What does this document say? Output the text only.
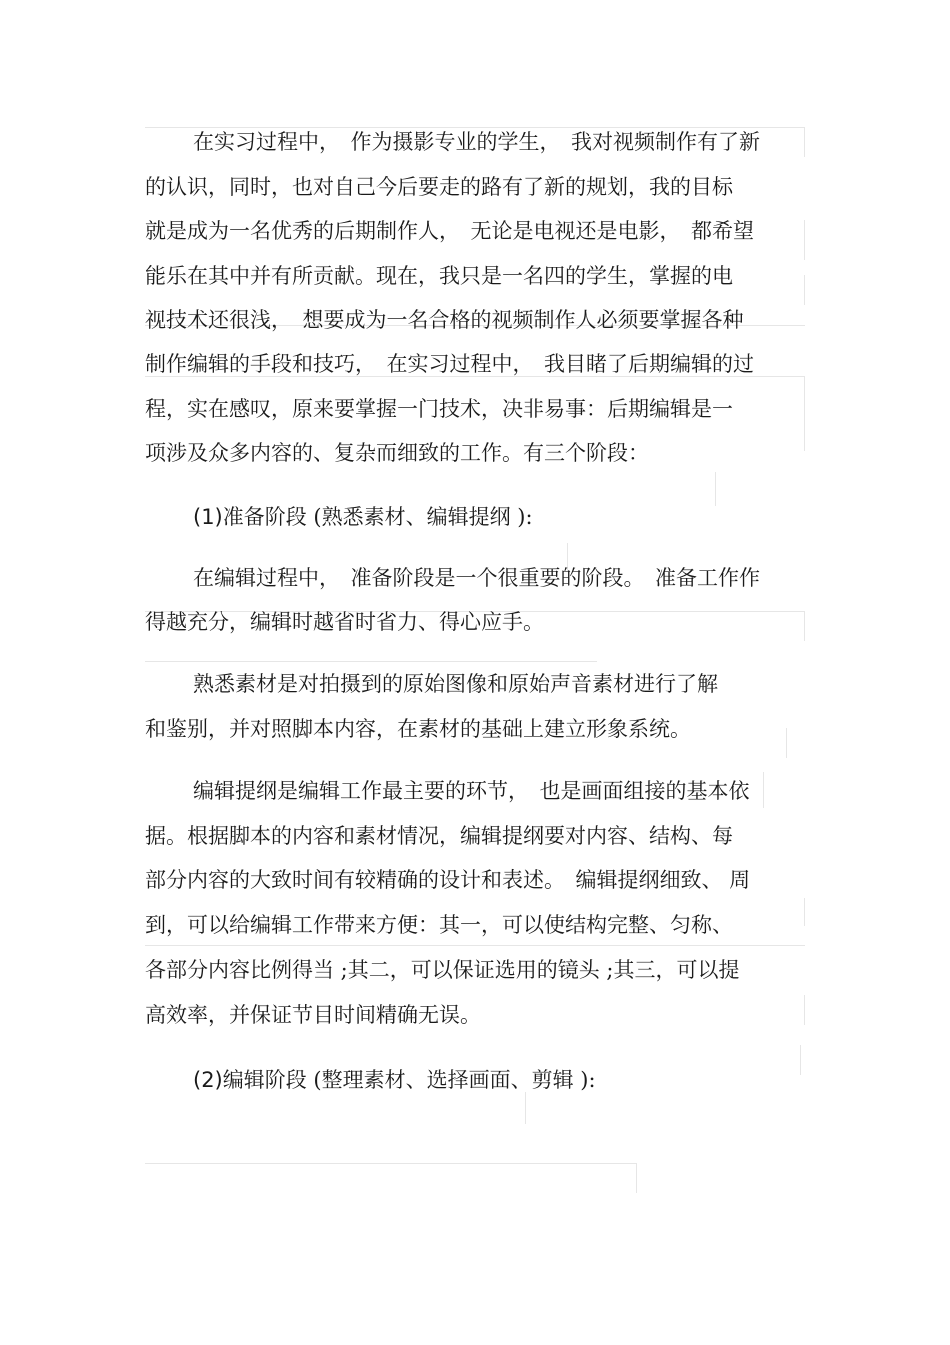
在实习过程中，　作为摄影专业的学生，　我对视频制作有了新

的认识，同时，也对自己今后要走的路有了新的规划，我的目标

就是成为一名优秀的后期制作人，　无论是电视还是电影，　都希望

能乐在其中并有所贡献。现在，我只是一名四的学生，掌握的电

视技术还很浅，　想要成为一名合格的视频制作人必须要掌握各种

制作编辑的手段和技巧，　在实习过程中，　我目睹了后期编辑的过

程，实在感叹，原来要掌握一门技术，决非易事：后期编辑是一

项涉及众多内容的、复杂而细致的工作。有三个阶段：

(1)准备阶段 (熟悉素材、编辑提纲 ):

在编辑过程中，　准备阶段是一个很重要的阶段。　准备工作作

得越充分，编辑时越省时省力、得心应手。

熟悉素材是对拍摄到的原始图像和原始声音素材进行了解

和鉴别，并对照脚本内容，在素材的基础上建立形象系统。

编辑提纲是编辑工作最主要的环节，　也是画面组接的基本依

据。根据脚本的内容和素材情况，编辑提纲要对内容、结构、每

部分内容的大致时间有较精确的设计和表述。　编辑提纲细致、 周

到，可以给编辑工作带来方便：其一，可以使结构完整、匀称、

各部分内容比例得当 ;其二，可以保证选用的镜头 ;其三，可以提

高效率，并保证节目时间精确无误。

(2)编辑阶段 (整理素材、选择画面、剪辑 ):
